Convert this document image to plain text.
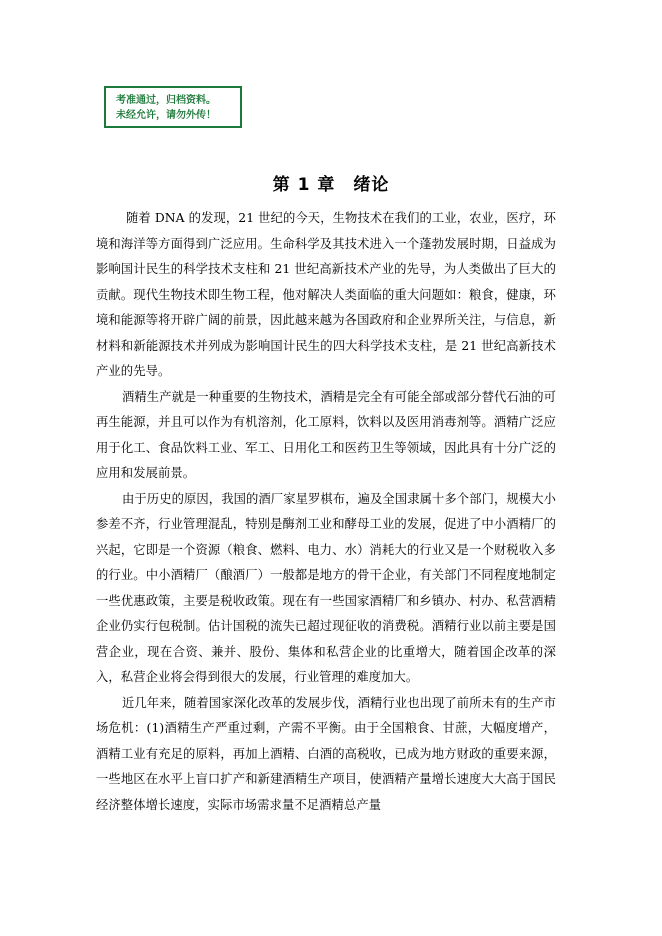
考准通过，归档资料。
未经允许，请勿外传！
第 1 章 绪论

随着 DNA 的发现，21 世纪的今天，生物技术在我们的工业，农业，医疗，环境和海洋等方面得到广泛应用。生命科学及其技术进入一个蓬勃发展时期，日益成为影响国计民生的科学技术支柱和 21 世纪高新技术产业的先导，为人类做出了巨大的贡献。现代生物技术即生物工程，他对解决人类面临的重大问题如：粮食，健康，环境和能源等将开辟广阔的前景，因此越来越为各国政府和企业界所关注，与信息，新材料和新能源技术并列成为影响国计民生的四大科学技术支柱，是 21 世纪高新技术产业的先导。

酒精生产就是一种重要的生物技术，酒精是完全有可能全部或部分替代石油的可再生能源，并且可以作为有机溶剂，化工原料，饮料以及医用消毒剂等。酒精广泛应用于化工、食品饮料工业、军工、日用化工和医药卫生等领域，因此具有十分广泛的应用和发展前景。

由于历史的原因，我国的酒厂家星罗棋布，遍及全国隶属十多个部门，规模大小参差不齐，行业管理混乱，特别是酶剂工业和酵母工业的发展，促进了中小酒精厂的兴起，它即是一个资源（粮食、燃料、电力、水）消耗大的行业又是一个财税收入多的行业。中小酒精厂（酿酒厂）一般都是地方的骨干企业，有关部门不同程度地制定一些优惠政策，主要是税收政策。现在有一些国家酒精厂和乡镇办、村办、私营酒精企业仍实行包税制。估计国税的流失已超过现征收的消费税。酒精行业以前主要是国营企业，现在合资、兼并、股份、集体和私营企业的比重增大，随着国企改革的深入，私营企业将会得到很大的发展，行业管理的难度加大。

近几年来，随着国家深化改革的发展步伐，酒精行业也出现了前所未有的生产市场危机：(1)酒精生产严重过剩，产需不平衡。由于全国粮食、甘蔗，大幅度增产，酒精工业有充足的原料，再加上酒精、白酒的高税收，已成为地方财政的重要来源，一些地区在水平上盲口扩产和新建酒精生产项目，使酒精产量增长速度大大高于国民经济整体增长速度，实际市场需求量不足酒精总产量
